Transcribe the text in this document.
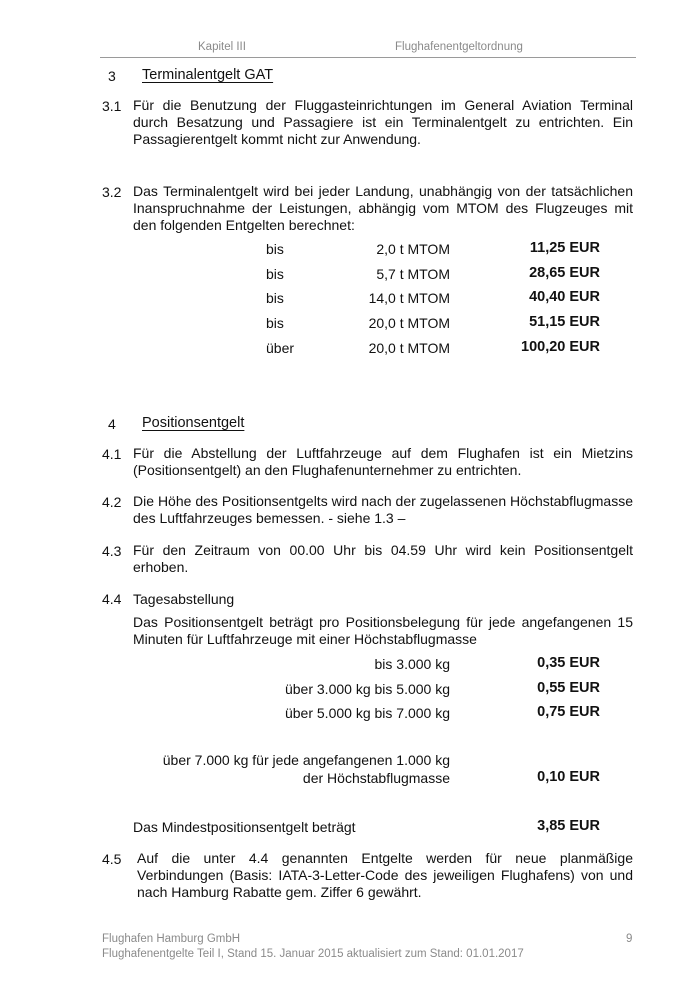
Kapitel III	Flughafenentgeltordnung
3 Terminalentgelt GAT
3.1 Für die Benutzung der Fluggasteinrichtungen im General Aviation Terminal durch Besatzung und Passagiere ist ein Terminalentgelt zu entrichten. Ein Passagierentgelt kommt nicht zur Anwendung.
3.2 Das Terminalentgelt wird bei jeder Landung, unabhängig von der tatsächlichen Inanspruchnahme der Leistungen, abhängig vom MTOM des Flugzeuges mit den folgenden Entgelten berechnet:
bis	2,0 t MTOM	11,25 EUR
bis	5,7 t MTOM	28,65 EUR
bis	14,0 t MTOM	40,40 EUR
bis	20,0 t MTOM	51,15 EUR
über	20,0 t MTOM	100,20 EUR
4 Positionsentgelt
4.1 Für die Abstellung der Luftfahrzeuge auf dem Flughafen ist ein Mietzins (Positionsentgelt) an den Flughafenunternehmer zu entrichten.
4.2 Die Höhe des Positionsentgelts wird nach der zugelassenen Höchstabflugmasse des Luftfahrzeuges bemessen. - siehe 1.3 –
4.3 Für den Zeitraum von 00.00 Uhr bis 04.59 Uhr wird kein Positionsentgelt erhoben.
4.4 Tagesabstellung
Das Positionsentgelt beträgt pro Positionsbelegung für jede angefangenen 15 Minuten für Luftfahrzeuge mit einer Höchstabflugmasse
bis 3.000 kg	0,35 EUR
über 3.000 kg bis 5.000 kg	0,55 EUR
über 5.000 kg bis 7.000 kg	0,75 EUR
über 7.000 kg für jede angefangenen 1.000 kg
der Höchstabflugmasse	0,10 EUR
Das Mindestpositionsentgelt beträgt	3,85 EUR
4.5 Auf die unter 4.4 genannten Entgelte werden für neue planmäßige Verbindungen (Basis: IATA-3-Letter-Code des jeweiligen Flughafens) von und nach Hamburg Rabatte gem. Ziffer 6 gewährt.
Flughafen Hamburg GmbH
Flughafenentgelte Teil I, Stand 15. Januar 2015 aktualisiert zum Stand: 01.01.2017
9
